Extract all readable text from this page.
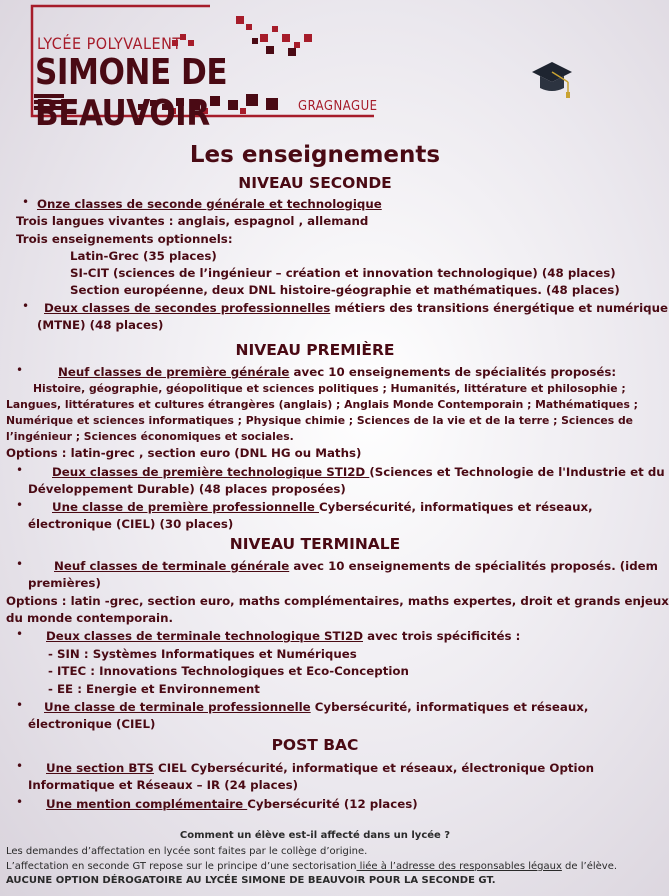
LYCÉE POLYVALENT
SIMONE DE BEAUVOIR	GRAGNAGUE
Les enseignements
NIVEAU SECONDE
• Onze classes de seconde générale et technologique
Trois langues vivantes : anglais, espagnol , allemand
Trois enseignements optionnels:
Latin-Grec (35 places)
SI-CIT (sciences de l’ingénieur – création et innovation technologique) (48 places)
Section européenne, deux DNL histoire-géographie et mathématiques. (48 places)
• Deux classes de secondes professionnelles métiers des transitions énergétique et numérique
(MTNE) (48 places)
NIVEAU PREMIÈRE
•	Neuf classes de première générale avec 10 enseignements de spécialités proposés:
Histoire, géographie, géopolitique et sciences politiques ; Humanités, littérature et philosophie ;
Langues, littératures et cultures étrangères (anglais) ; Anglais Monde Contemporain ; Mathématiques ;
Numérique et sciences informatiques ; Physique chimie ; Sciences de la vie et de la terre ; Sciences de
l’ingénieur ; Sciences économiques et sociales.
Options : latin-grec , section euro (DNL HG ou Maths)
• Deux classes de première technologique STI2D (Sciences et Technologie de l'Industrie et du
Développement Durable) (48 places proposées)
• Une classe de première professionnelle Cybersécurité, informatiques et réseaux,
électronique (CIEL) (30 places)
NIVEAU TERMINALE
•	Neuf classes de terminale générale avec 10 enseignements de spécialités proposés. (idem
premières)
Options : latin -grec, section euro, maths complémentaires, maths expertes, droit et grands enjeux
du monde contemporain.
• Deux classes de terminale technologique STI2D avec trois spécificités :
- SIN : Systèmes Informatiques et Numériques
- ITEC : Innovations Technologiques et Eco-Conception
- EE : Energie et Environnement
• Une classe de terminale professionnelle Cybersécurité, informatiques et réseaux,
électronique (CIEL)
POST BAC
• Une section BTS CIEL Cybersécurité, informatique et réseaux, électronique Option
Informatique et Réseaux – IR (24 places)
• Une mention complémentaire Cybersécurité (12 places)
Comment un élève est-il affecté dans un lycée ?
Les demandes d’affectation en lycée sont faites par le collège d’origine.
L’affectation en seconde GT repose sur le principe d’une sectorisation liée à l’adresse des responsables légaux de l’élève.
AUCUNE OPTION DÉROGATOIRE AU LYCÉE SIMONE DE BEAUVOIR POUR LA SECONDE GT.
